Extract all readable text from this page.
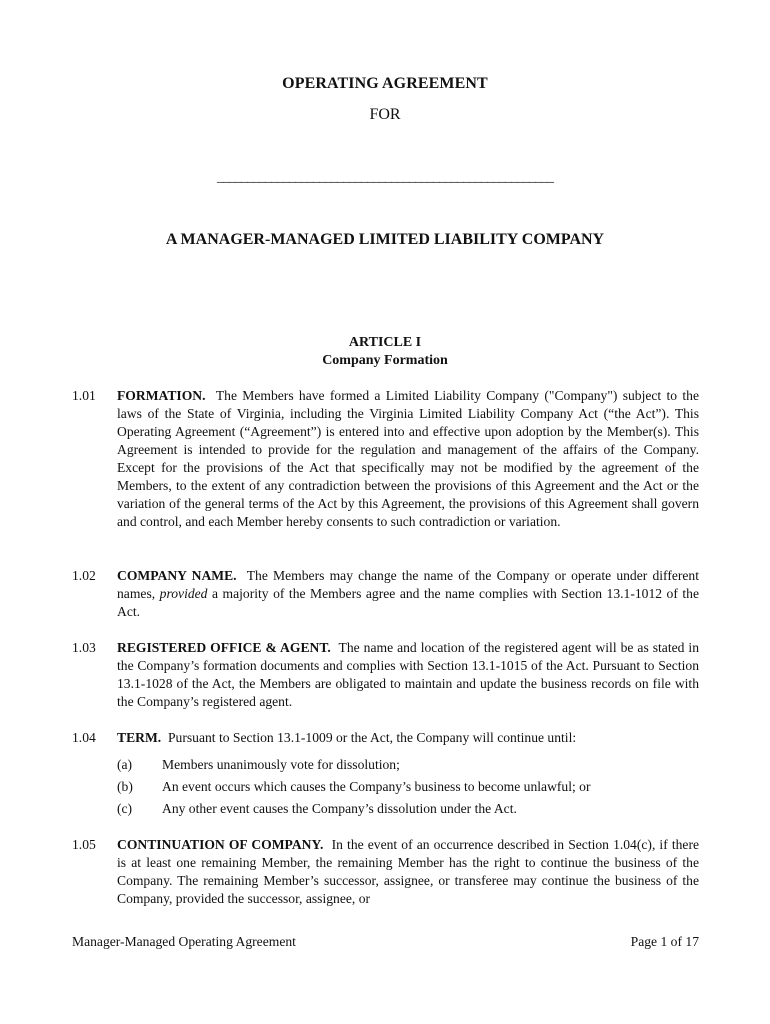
OPERATING AGREEMENT
FOR
________________________________________________________
A MANAGER-MANAGED LIMITED LIABILITY COMPANY
ARTICLE I
Company Formation
1.01	FORMATION. The Members have formed a Limited Liability Company ("Company") subject to the laws of the State of Virginia, including the Virginia Limited Liability Company Act (“the Act”). This Operating Agreement (“Agreement”) is entered into and effective upon adoption by the Member(s). This Agreement is intended to provide for the regulation and management of the affairs of the Company. Except for the provisions of the Act that specifically may not be modified by the agreement of the Members, to the extent of any contradiction between the provisions of this Agreement and the Act or the variation of the general terms of the Act by this Agreement, the provisions of this Agreement shall govern and control, and each Member hereby consents to such contradiction or variation.
1.02	COMPANY NAME. The Members may change the name of the Company or operate under different names, provided a majority of the Members agree and the name complies with Section 13.1-1012 of the Act.
1.03	REGISTERED OFFICE & AGENT. The name and location of the registered agent will be as stated in the Company’s formation documents and complies with Section 13.1-1015 of the Act. Pursuant to Section 13.1-1028 of the Act, the Members are obligated to maintain and update the business records on file with the Company’s registered agent.
1.04	TERM. Pursuant to Section 13.1-1009 or the Act, the Company will continue until:
(a) Members unanimously vote for dissolution;
(b) An event occurs which causes the Company’s business to become unlawful; or
(c) Any other event causes the Company’s dissolution under the Act.
1.05	CONTINUATION OF COMPANY. In the event of an occurrence described in Section 1.04(c), if there is at least one remaining Member, the remaining Member has the right to continue the business of the Company. The remaining Member’s successor, assignee, or transferee may continue the business of the Company, provided the successor, assignee, or
Manager-Managed Operating Agreement	Page 1 of 17
